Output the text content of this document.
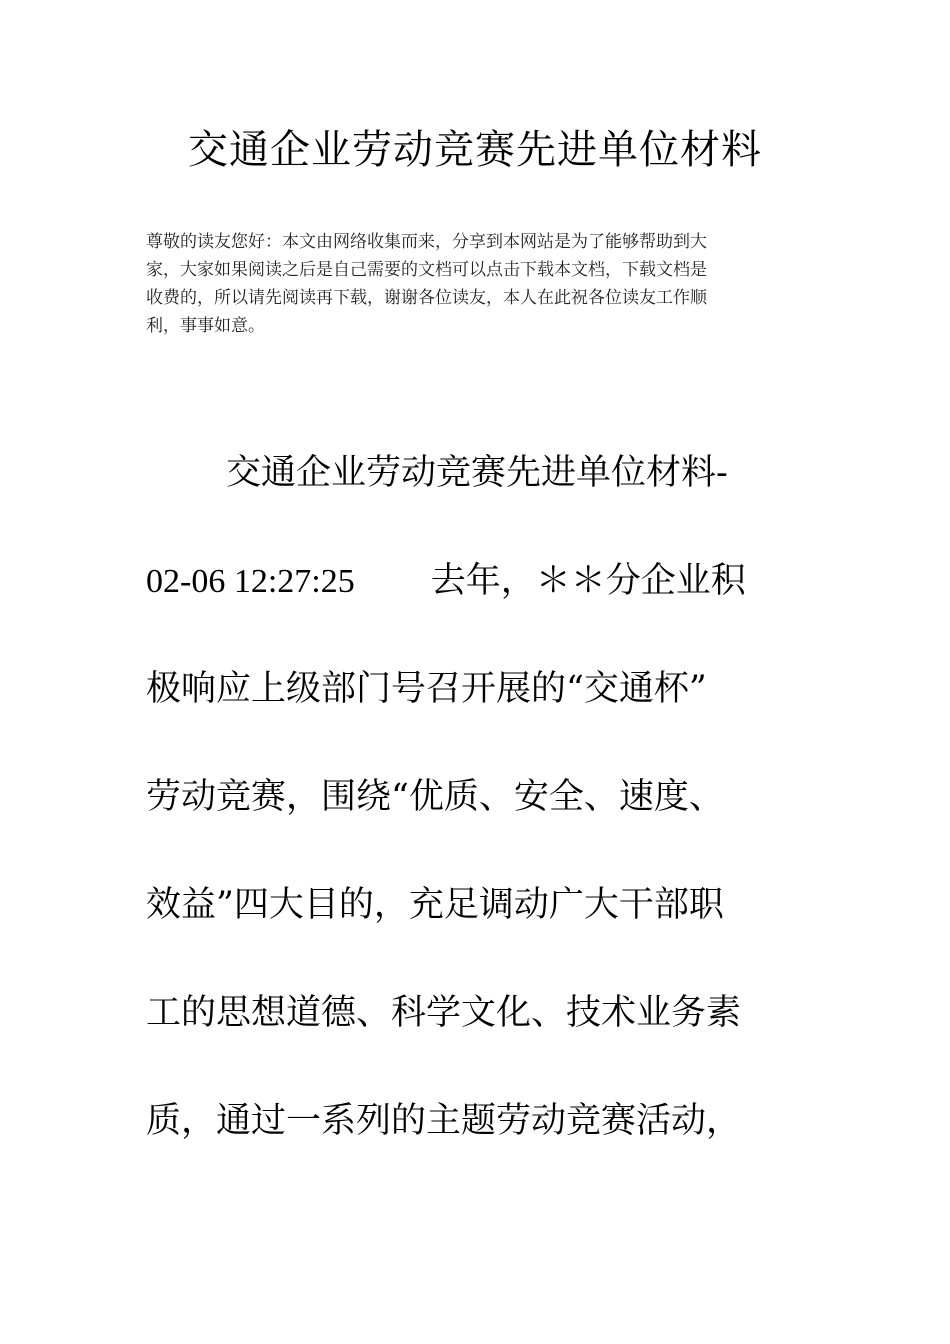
交通企业劳动竞赛先进单位材料

尊敬的读友您好：本文由网络收集而来，分享到本网站是为了能够帮助到大
家，大家如果阅读之后是自己需要的文档可以点击下载本文档，下载文档是
收费的，所以请先阅读再下载，谢谢各位读友，本人在此祝各位读友工作顺
利，事事如意。

交通企业劳动竞赛先进单位材料-
02-06 12:27:25 去年，＊＊分企业积
极响应上级部门号召开展的“交通杯”
劳动竞赛，围绕“优质、安全、速度、
效益”四大目的，充足调动广大干部职
工的思想道德、科学文化、技术业务素
质，通过一系列的主题劳动竞赛活动，
